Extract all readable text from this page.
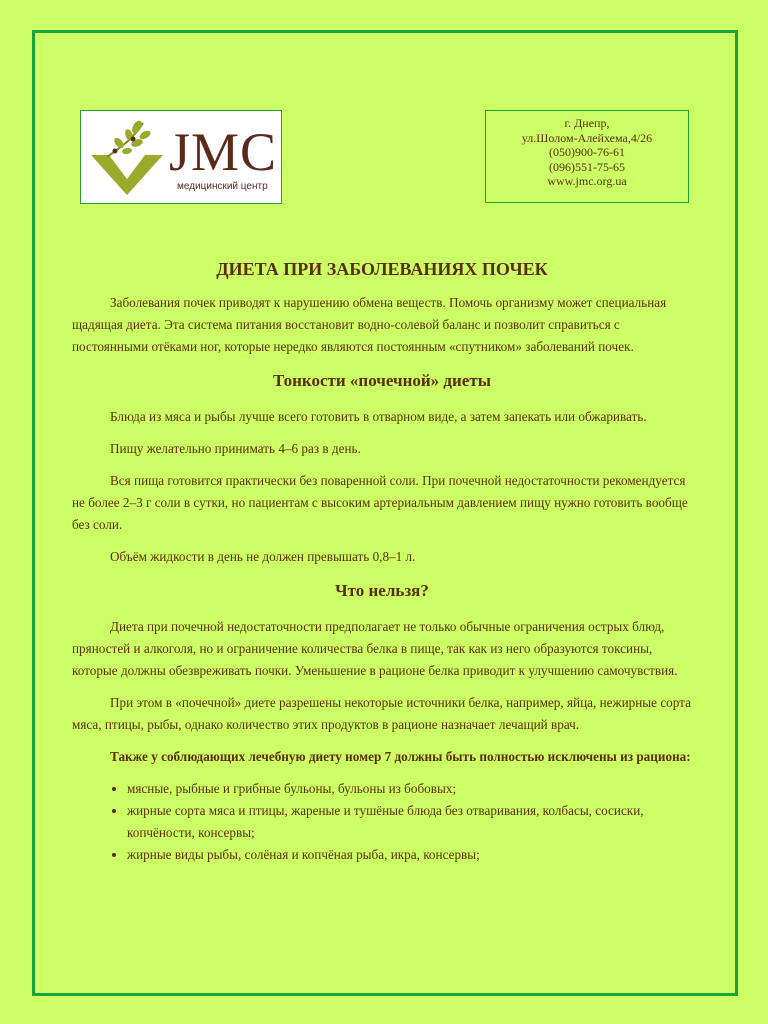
JMC
медицинский центр
г. Днепр,
ул.Шолом-Алейхема,4/26
(050)900-76-61
(096)551-75-65
www.jmc.org.ua
ДИЕТА ПРИ ЗАБОЛЕВАНИЯХ ПОЧЕК

Заболевания почек приводят к нарушению обмена веществ. Помочь организму может специальная щадящая диета. Эта система питания восстановит водно-солевой баланс и позволит справиться с постоянными отёками ног, которые нередко являются постоянным «спутником» заболеваний почек.

Тонкости «почечной» диеты

Блюда из мяса и рыбы лучше всего готовить в отварном виде, а затем запекать или обжаривать.

Пищу желательно принимать 4–6 раз в день.

Вся пища готовится практически без поваренной соли. При почечной недостаточности рекомендуется не более 2–3 г соли в сутки, но пациентам с высоким артериальным давлением пищу нужно готовить вообще без соли.

Объём жидкости в день не должен превышать 0,8–1 л.

Что нельзя?

Диета при почечной недостаточности предполагает не только обычные ограничения острых блюд, пряностей и алкоголя, но и ограничение количества белка в пище, так как из него образуются токсины, которые должны обезвреживать почки. Уменьшение в рационе белка приводит к улучшению самочувствия.

При этом в «почечной» диете разрешены некоторые источники белка, например, яйца, нежирные сорта мяса, птицы, рыбы, однако количество этих продуктов в рационе назначает лечащий врач.

Также у соблюдающих лечебную диету номер 7 должны быть полностью исключены из рациона:

• мясные, рыбные и грибные бульоны, бульоны из бобовых;
• жирные сорта мяса и птицы, жареные и тушёные блюда без отваривания, колбасы, сосиски, копчёности, консервы;
• жирные виды рыбы, солёная и копчёная рыба, икра, консервы;
